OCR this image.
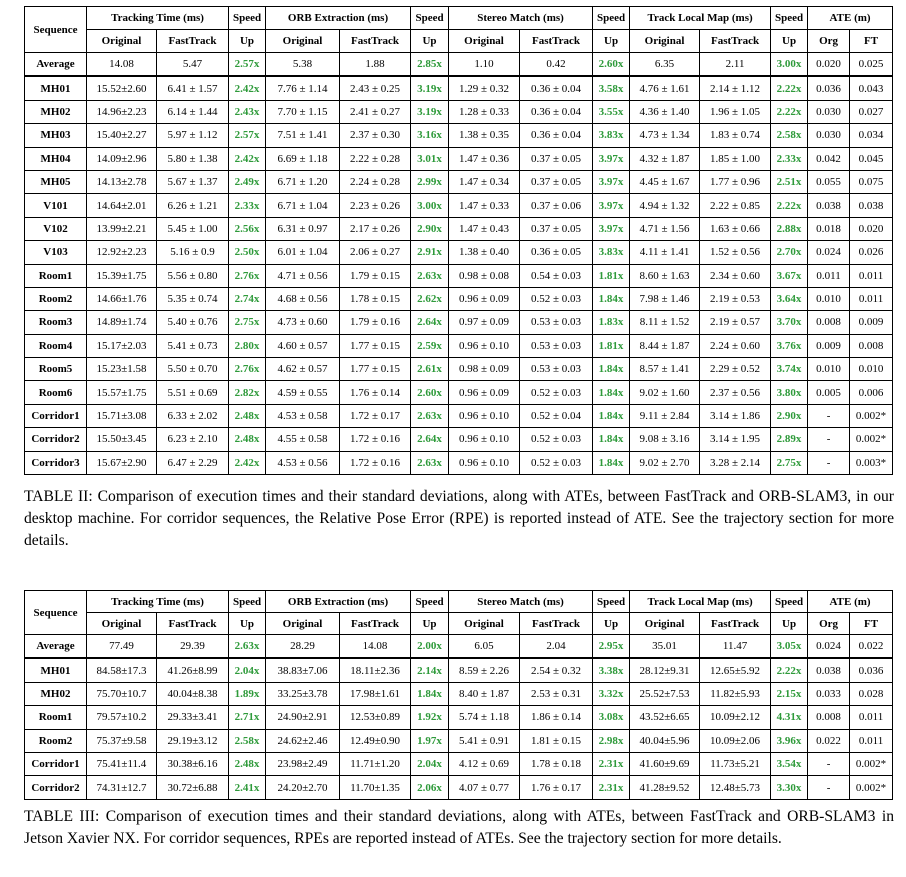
Sequence	Tracking Time (ms)		Speed	ORB Extraction (ms)		Speed	Stereo Match (ms)		Speed	Track Local Map (ms)		Speed	ATE (m)	
	Original	FastTrack	Up	Original	FastTrack	Up	Original	FastTrack	Up	Original	FastTrack	Up	Org	FT
Average	14.08	5.47	2.57x	5.38	1.88	2.85x	1.10	0.42	2.60x	6.35	2.11	3.00x	0.020	0.025
MH01	15.52±2.60	6.41 ± 1.57	2.42x	7.76 ± 1.14	2.43 ± 0.25	3.19x	1.29 ± 0.32	0.36 ± 0.04	3.58x	4.76 ± 1.61	2.14 ± 1.12	2.22x	0.036	0.043
MH02	14.96±2.23	6.14 ± 1.44	2.43x	7.70 ± 1.15	2.41 ± 0.27	3.19x	1.28 ± 0.33	0.36 ± 0.04	3.55x	4.36 ± 1.40	1.96 ± 1.05	2.22x	0.030	0.027
MH03	15.40±2.27	5.97 ± 1.12	2.57x	7.51 ± 1.41	2.37 ± 0.30	3.16x	1.38 ± 0.35	0.36 ± 0.04	3.83x	4.73 ± 1.34	1.83 ± 0.74	2.58x	0.030	0.034
MH04	14.09±2.96	5.80 ± 1.38	2.42x	6.69 ± 1.18	2.22 ± 0.28	3.01x	1.47 ± 0.36	0.37 ± 0.05	3.97x	4.32 ± 1.87	1.85 ± 1.00	2.33x	0.042	0.045
MH05	14.13±2.78	5.67 ± 1.37	2.49x	6.71 ± 1.20	2.24 ± 0.28	2.99x	1.47 ± 0.34	0.37 ± 0.05	3.97x	4.45 ± 1.67	1.77 ± 0.96	2.51x	0.055	0.075
V101	14.64±2.01	6.26 ± 1.21	2.33x	6.71 ± 1.04	2.23 ± 0.26	3.00x	1.47 ± 0.33	0.37 ± 0.06	3.97x	4.94 ± 1.32	2.22 ± 0.85	2.22x	0.038	0.038
V102	13.99±2.21	5.45 ± 1.00	2.56x	6.31 ± 0.97	2.17 ± 0.26	2.90x	1.47 ± 0.43	0.37 ± 0.05	3.97x	4.71 ± 1.56	1.63 ± 0.66	2.88x	0.018	0.020
V103	12.92±2.23	5.16 ± 0.9	2.50x	6.01 ± 1.04	2.06 ± 0.27	2.91x	1.38 ± 0.40	0.36 ± 0.05	3.83x	4.11 ± 1.41	1.52 ± 0.56	2.70x	0.024	0.026
Room1	15.39±1.75	5.56 ± 0.80	2.76x	4.71 ± 0.56	1.79 ± 0.15	2.63x	0.98 ± 0.08	0.54 ± 0.03	1.81x	8.60 ± 1.63	2.34 ± 0.60	3.67x	0.011	0.011
Room2	14.66±1.76	5.35 ± 0.74	2.74x	4.68 ± 0.56	1.78 ± 0.15	2.62x	0.96 ± 0.09	0.52 ± 0.03	1.84x	7.98 ± 1.46	2.19 ± 0.53	3.64x	0.010	0.011
Room3	14.89±1.74	5.40 ± 0.76	2.75x	4.73 ± 0.60	1.79 ± 0.16	2.64x	0.97 ± 0.09	0.53 ± 0.03	1.83x	8.11 ± 1.52	2.19 ± 0.57	3.70x	0.008	0.009
Room4	15.17±2.03	5.41 ± 0.73	2.80x	4.60 ± 0.57	1.77 ± 0.15	2.59x	0.96 ± 0.10	0.53 ± 0.03	1.81x	8.44 ± 1.87	2.24 ± 0.60	3.76x	0.009	0.008
Room5	15.23±1.58	5.50 ± 0.70	2.76x	4.62 ± 0.57	1.77 ± 0.15	2.61x	0.98 ± 0.09	0.53 ± 0.03	1.84x	8.57 ± 1.41	2.29 ± 0.52	3.74x	0.010	0.010
Room6	15.57±1.75	5.51 ± 0.69	2.82x	4.59 ± 0.55	1.76 ± 0.14	2.60x	0.96 ± 0.09	0.52 ± 0.03	1.84x	9.02 ± 1.60	2.37 ± 0.56	3.80x	0.005	0.006
Corridor1	15.71±3.08	6.33 ± 2.02	2.48x	4.53 ± 0.58	1.72 ± 0.17	2.63x	0.96 ± 0.10	0.52 ± 0.04	1.84x	9.11 ± 2.84	3.14 ± 1.86	2.90x	-	0.002*
Corridor2	15.50±3.45	6.23 ± 2.10	2.48x	4.55 ± 0.58	1.72 ± 0.16	2.64x	0.96 ± 0.10	0.52 ± 0.03	1.84x	9.08 ± 3.16	3.14 ± 1.95	2.89x	-	0.002*
Corridor3	15.67±2.90	6.47 ± 2.29	2.42x	4.53 ± 0.56	1.72 ± 0.16	2.63x	0.96 ± 0.10	0.52 ± 0.03	1.84x	9.02 ± 2.70	3.28 ± 2.14	2.75x	-	0.003*
TABLE II: Comparison of execution times and their standard deviations, along with ATEs, between FastTrack and ORB-SLAM3, in our desktop machine. For corridor sequences, the Relative Pose Error (RPE) is reported instead of ATE. See the trajectory section for more details.
Sequence	Tracking Time (ms)		Speed	ORB Extraction (ms)		Speed	Stereo Match (ms)		Speed	Track Local Map (ms)		Speed	ATE (m)	
	Original	FastTrack	Up	Original	FastTrack	Up	Original	FastTrack	Up	Original	FastTrack	Up	Org	FT
Average	77.49	29.39	2.63x	28.29	14.08	2.00x	6.05	2.04	2.95x	35.01	11.47	3.05x	0.024	0.022
MH01	84.58±17.3	41.26±8.99	2.04x	38.83±7.06	18.11±2.36	2.14x	8.59 ± 2.26	2.54 ± 0.32	3.38x	28.12±9.31	12.65±5.92	2.22x	0.038	0.036
MH02	75.70±10.7	40.04±8.38	1.89x	33.25±3.78	17.98±1.61	1.84x	8.40 ± 1.87	2.53 ± 0.31	3.32x	25.52±7.53	11.82±5.93	2.15x	0.033	0.028
Room1	79.57±10.2	29.33±3.41	2.71x	24.90±2.91	12.53±0.89	1.92x	5.74 ± 1.18	1.86 ± 0.14	3.08x	43.52±6.65	10.09±2.12	4.31x	0.008	0.011
Room2	75.37±9.58	29.19±3.12	2.58x	24.62±2.46	12.49±0.90	1.97x	5.41 ± 0.91	1.81 ± 0.15	2.98x	40.04±5.96	10.09±2.06	3.96x	0.022	0.011
Corridor1	75.41±11.4	30.38±6.16	2.48x	23.98±2.49	11.71±1.20	2.04x	4.12 ± 0.69	1.78 ± 0.18	2.31x	41.60±9.69	11.73±5.21	3.54x	-	0.002*
Corridor2	74.31±12.7	30.72±6.88	2.41x	24.20±2.70	11.70±1.35	2.06x	4.07 ± 0.77	1.76 ± 0.17	2.31x	41.28±9.52	12.48±5.73	3.30x	-	0.002*
TABLE III: Comparison of execution times and their standard deviations, along with ATEs, between FastTrack and ORB-SLAM3 in Jetson Xavier NX. For corridor sequences, RPEs are reported instead of ATEs. See the trajectory section for more details.
